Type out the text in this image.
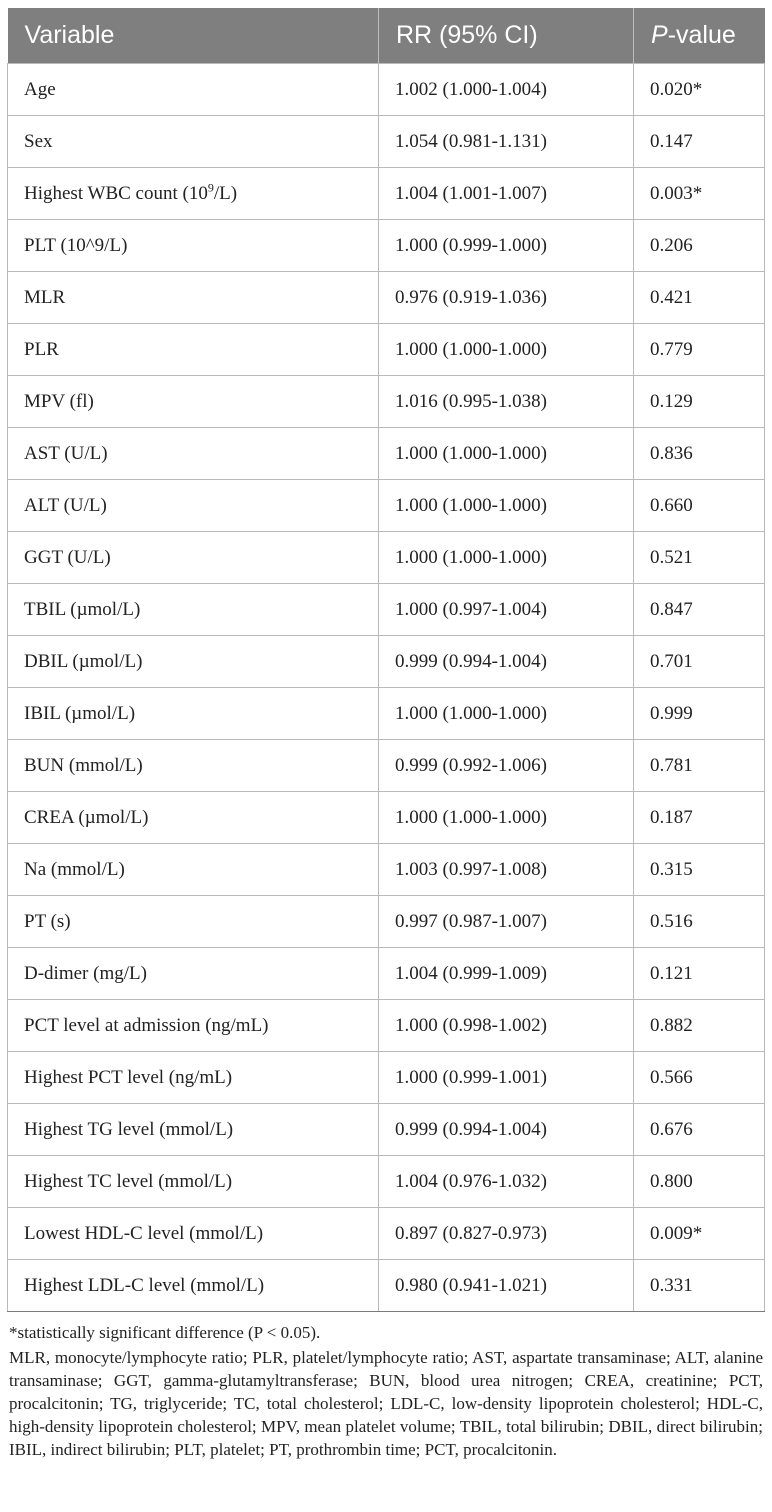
Variable	RR (95% CI)	P-value
Age	1.002 (1.000-1.004)	0.020*
Sex	1.054 (0.981-1.131)	0.147
Highest WBC count $(10^9/L)$	1.004 (1.001-1.007)	0.003*
PLT (10^9/L)	1.000 (0.999-1.000)	0.206
MLR	0.976 (0.919-1.036)	0.421
PLR	1.000 (1.000-1.000)	0.779
MPV (fl)	1.016 (0.995-1.038)	0.129
AST (U/L)	1.000 (1.000-1.000)	0.836
ALT (U/L)	1.000 (1.000-1.000)	0.660
GGT (U/L)	1.000 (1.000-1.000)	0.521
TBIL (µmol/L)	1.000 (0.997-1.004)	0.847
DBIL (µmol/L)	0.999 (0.994-1.004)	0.701
IBIL (µmol/L)	1.000 (1.000-1.000)	0.999
BUN (mmol/L)	0.999 (0.992-1.006)	0.781
CREA (µmol/L)	1.000 (1.000-1.000)	0.187
Na (mmol/L)	1.003 (0.997-1.008)	0.315
PT (s)	0.997 (0.987-1.007)	0.516
D-dimer (mg/L)	1.004 (0.999-1.009)	0.121
PCT level at admission (ng/mL)	1.000 (0.998-1.002)	0.882
Highest PCT level (ng/mL)	1.000 (0.999-1.001)	0.566
Highest TG level (mmol/L)	0.999 (0.994-1.004)	0.676
Highest TC level (mmol/L)	1.004 (0.976-1.032)	0.800
Lowest HDL-C level (mmol/L)	0.897 (0.827-0.973)	0.009*
Highest LDL-C level (mmol/L)	0.980 (0.941-1.021)	0.331

*statistically significant difference (P < 0.05).

MLR, monocyte/lymphocyte ratio; PLR, platelet/lymphocyte ratio; AST, aspartate transaminase; ALT, alanine transaminase; GGT, gamma-glutamyltransferase; BUN, blood urea nitrogen; CREA, creatinine; PCT, procalcitonin; TG, triglyceride; TC, total cholesterol; LDL-C, low-density lipoprotein cholesterol; HDL-C, high-density lipoprotein cholesterol; MPV, mean platelet volume; TBIL, total bilirubin; DBIL, direct bilirubin; IBIL, indirect bilirubin; PLT, platelet; PT, prothrombin time; PCT, procalcitonin.
